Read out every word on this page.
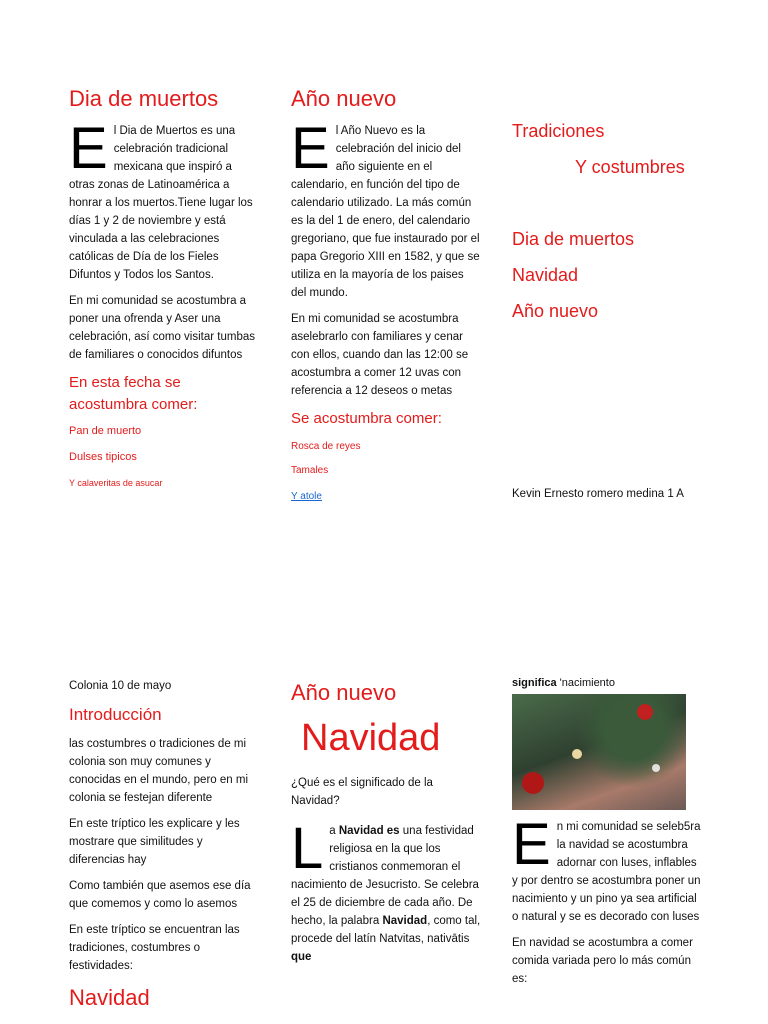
Dia de muertos

El Dia de Muertos es una celebración tradicional mexicana que inspiró a otras zonas de Latinoamérica a honrar a los muertos.Tiene lugar los días 1 y 2 de noviembre y está vinculada a las celebraciones católicas de Día de los Fieles Difuntos y Todos los Santos.

En mi comunidad se acostumbra a poner una ofrenda y Aser una celebración, así como visitar tumbas de familiares o conocidos difuntos

En esta fecha se acostumbra comer:
Pan de muerto
Dulses tipicos
Y calaveritas de asucar
Año nuevo

El Año Nuevo es la celebración del inicio del año siguiente en el calendario, en función del tipo de calendario utilizado. La más común es la del 1 de enero, del calendario gregoriano, que fue instaurado por el papa Gregorio XIII en 1582, y que se utiliza en la mayoría de los paises del mundo.

En mi comunidad se acostumbra aselebrarlo con familiares y cenar con ellos, cuando dan las 12:00 se acostumbra a comer 12 uvas con referencia a 12 deseos o metas

Se acostumbra comer:
Rosca de reyes
Tamales
Y atole
Tradiciones
Y costumbres
Dia de muertos
Navidad
Año nuevo
Kevin Ernesto romero medina 1 A
Colonia 10 de mayo
Introducción

las costumbres o tradiciones de mi colonia son muy comunes y conocidas en el mundo, pero en mi colonia se festejan diferente

En este tríptico les explicare y les mostrare que similitudes y diferencias hay

Como también que asemos ese día que comemos y como lo asemos

En este tríptico se encuentran las tradiciones, costumbres o festividades:

Navidad
Año nuevo
Navidad

¿Qué es el significado de la Navidad?

La Navidad es una festividad religiosa en la que los cristianos conmemoran el nacimiento de Jesucristo. Se celebra el 25 de diciembre de cada año. De hecho, la palabra Navidad, como tal, procede del latín Natvitas, nativātis que

significa 'nacimiento

En mi comunidad se seleb5ra la navidad se acostumbra adornar con luses, inflables y por dentro se acostumbra poner un nacimiento y un pino ya sea artificial o natural y se es decorado con luses

En navidad se acostumbra a comer comida variada pero lo más común es:
